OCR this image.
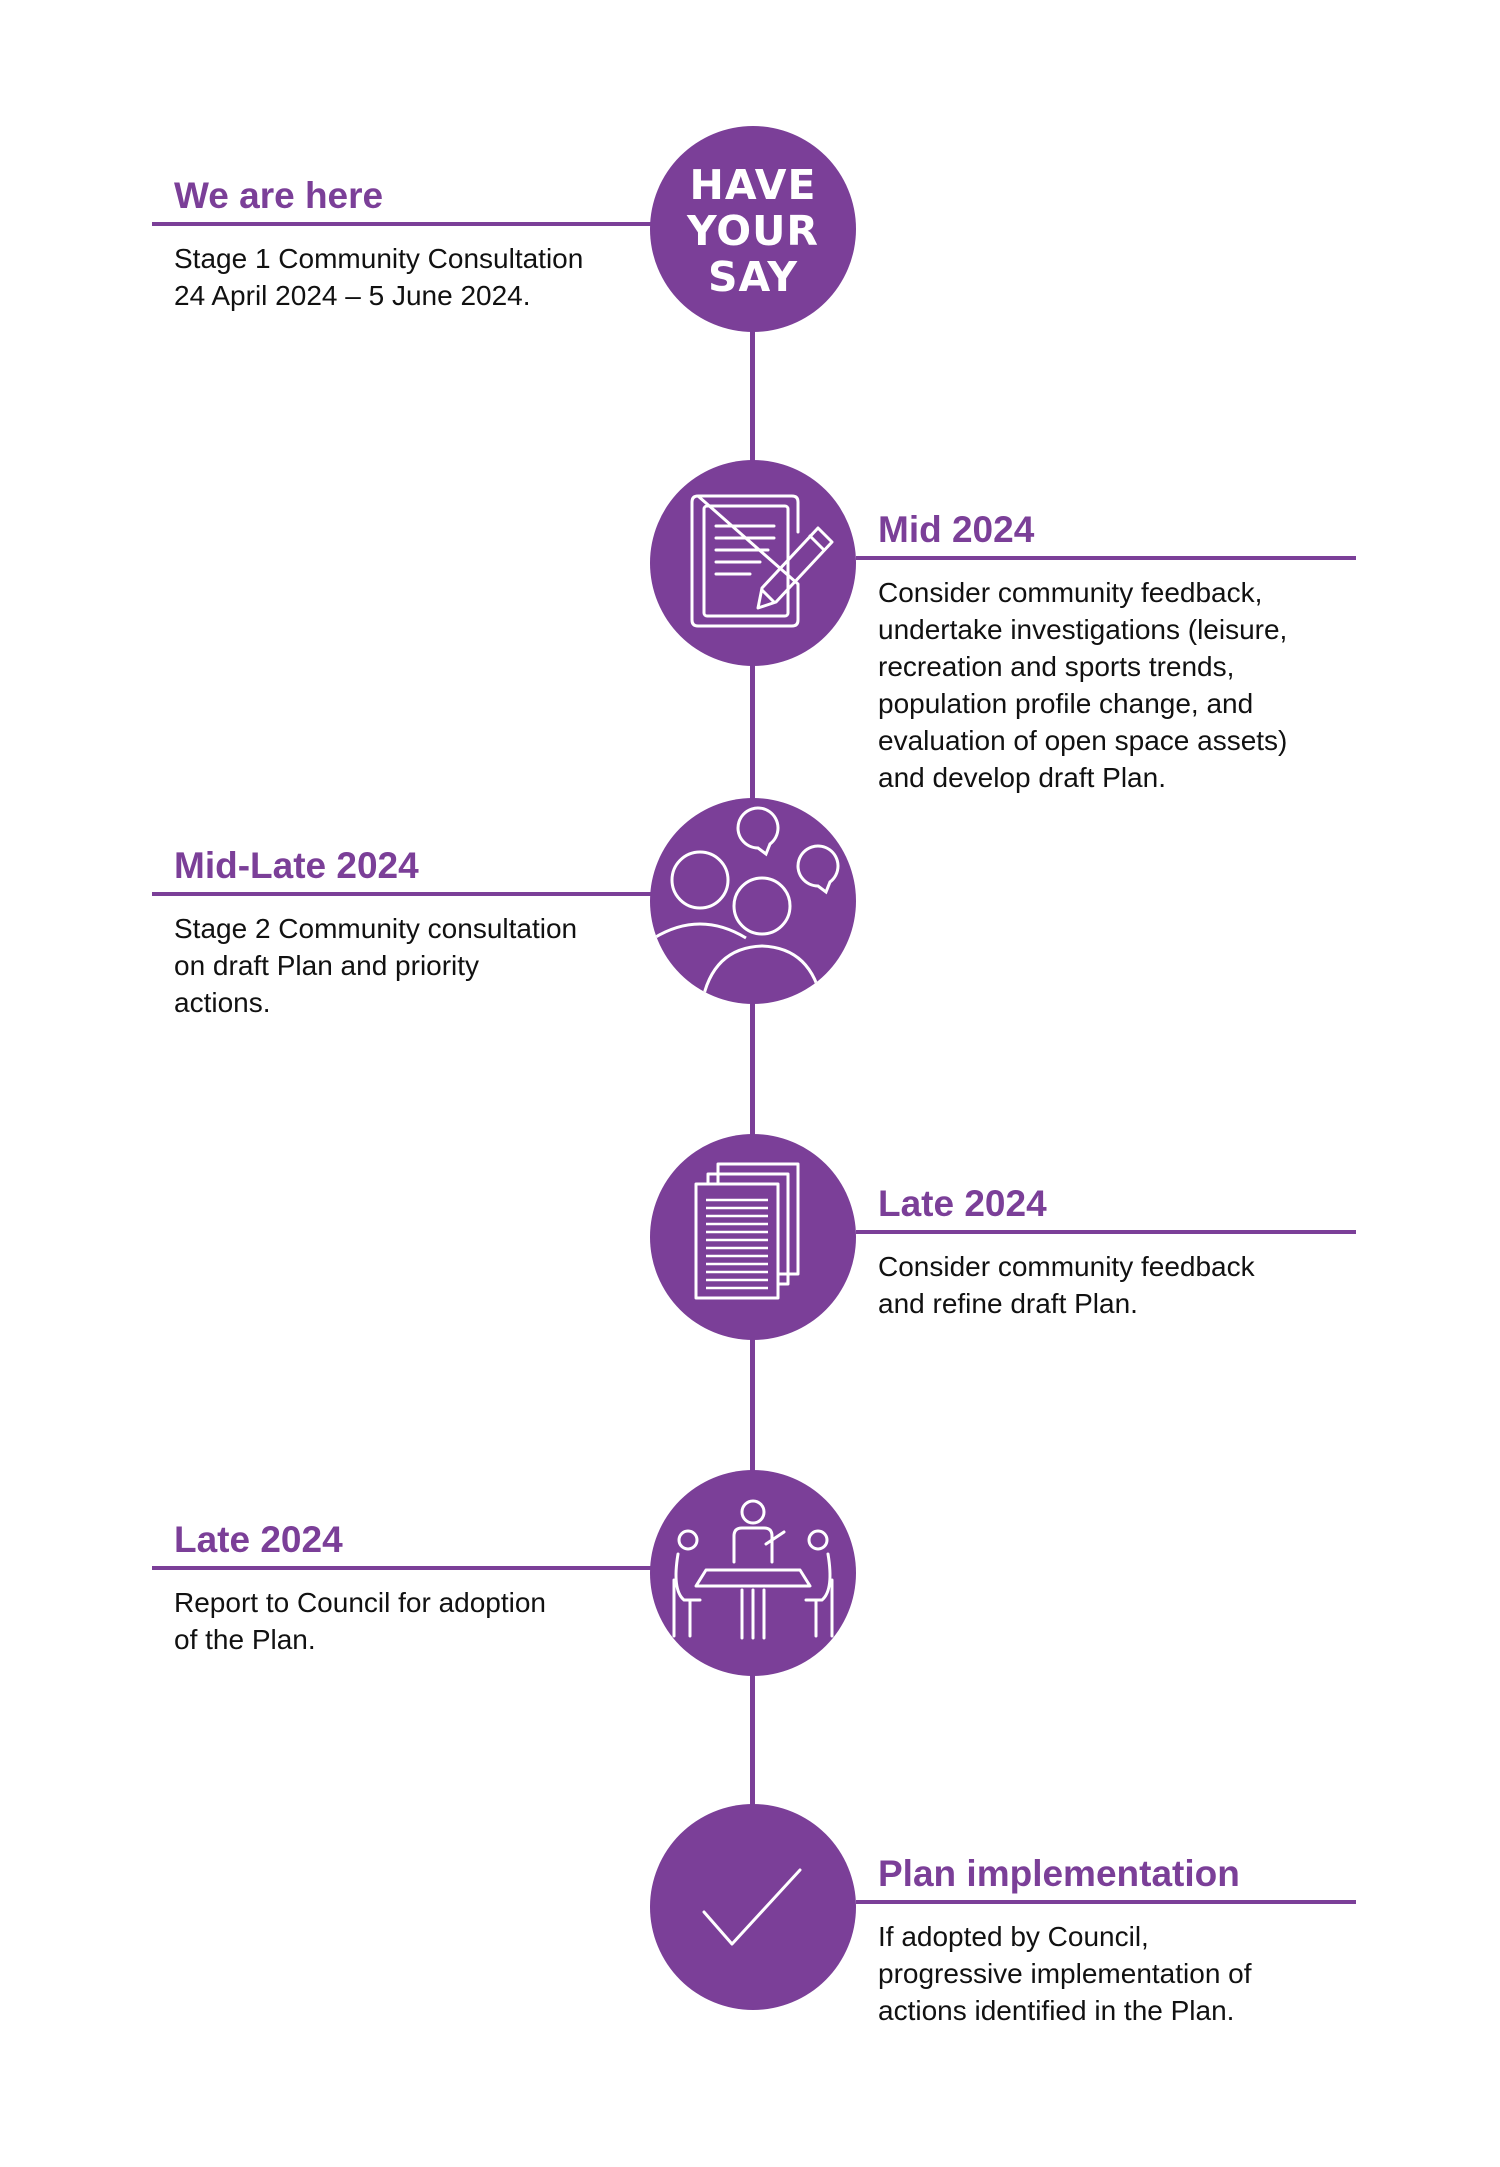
HAVE
YOUR
SAY
We are here
Stage 1 Community Consultation
24 April 2024 – 5 June 2024.
Mid 2024
Consider community feedback,
undertake investigations (leisure,
recreation and sports trends,
population profile change, and
evaluation of open space assets)
and develop draft Plan.
Mid-Late 2024
Stage 2 Community consultation
on draft Plan and priority
actions.
Late 2024
Consider community feedback
and refine draft Plan.
Late 2024
Report to Council for adoption
of the Plan.
Plan implementation
If adopted by Council,
progressive implementation of
actions identified in the Plan.
